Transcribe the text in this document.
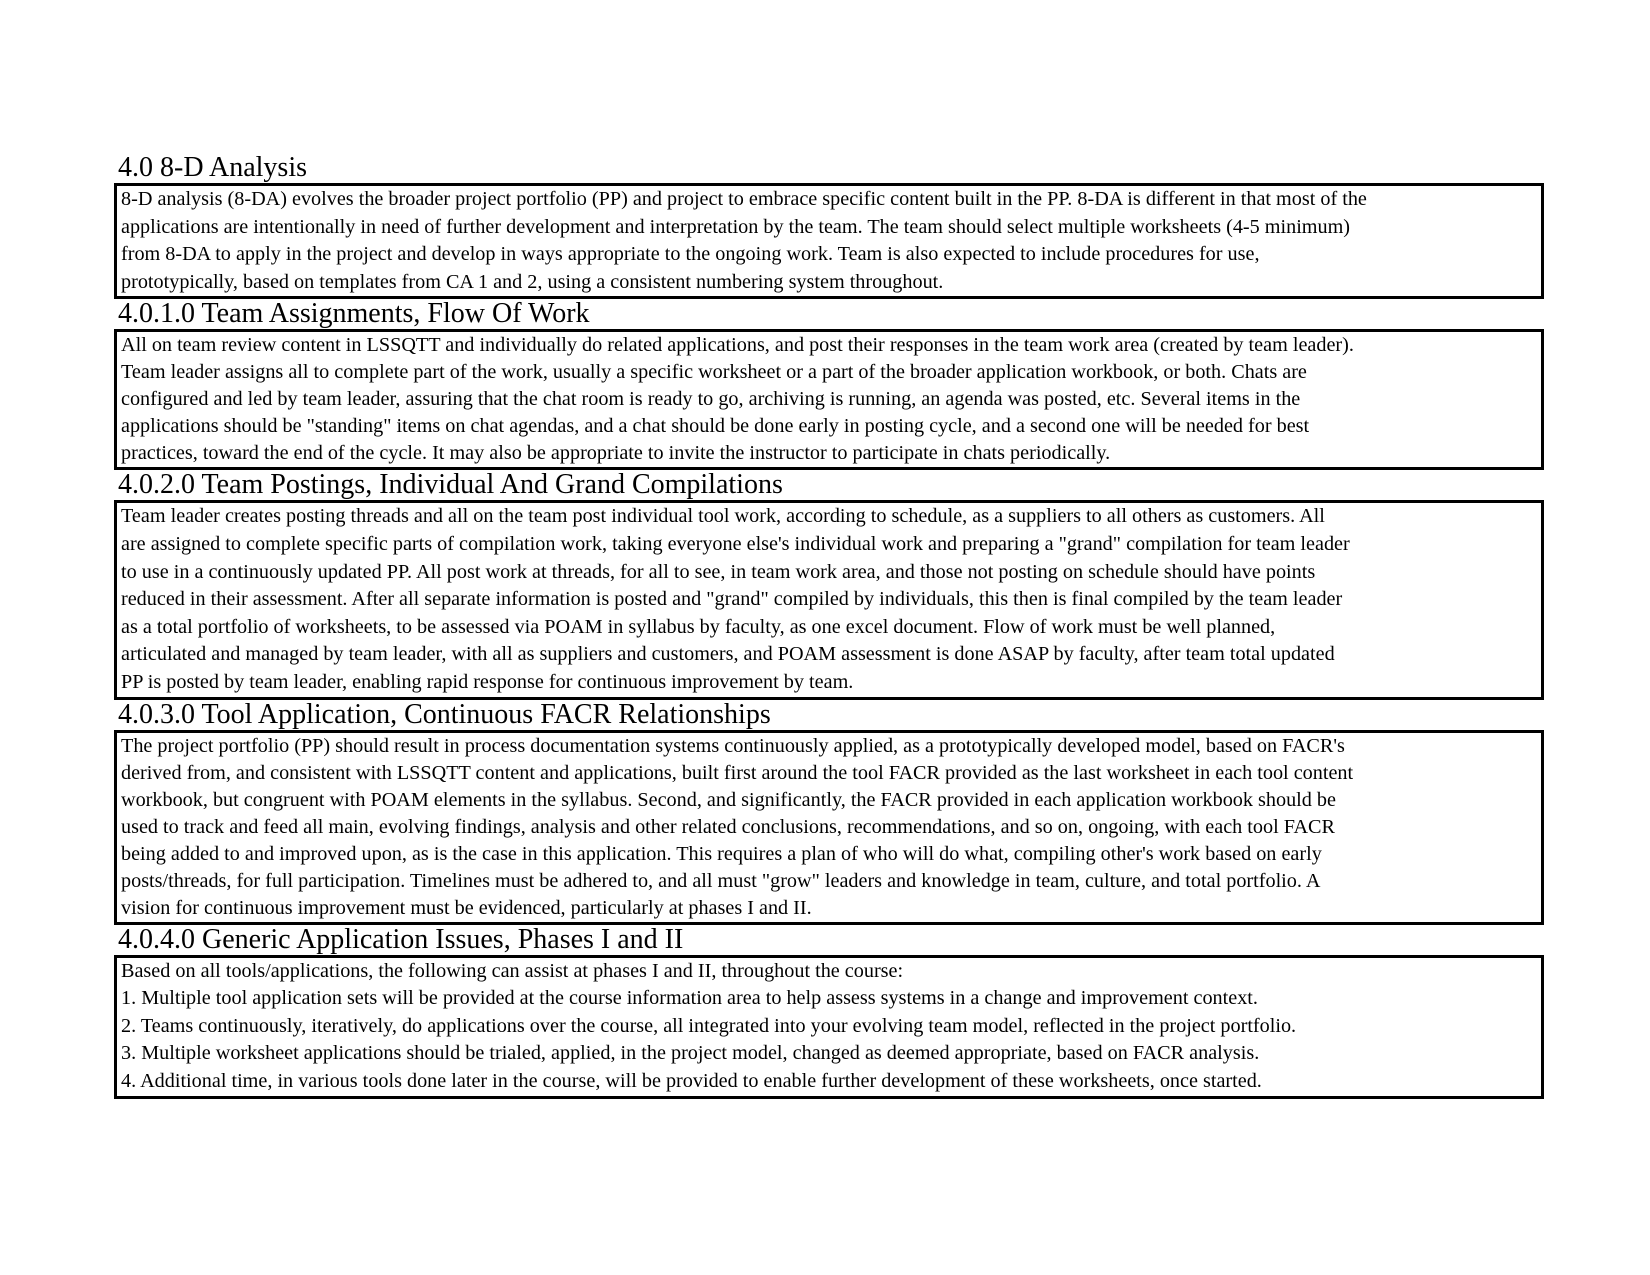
4.0 8-D Analysis

8-D analysis (8-DA) evolves the broader project portfolio (PP) and project to embrace specific content built in the PP. 8-DA is different in that most of the
applications are intentionally in need of further development and interpretation by the team. The team should select multiple worksheets (4-5 minimum)
from 8-DA to apply in the project and develop in ways appropriate to the ongoing work. Team is also expected to include procedures for use,
prototypically, based on templates from CA 1 and 2, using a consistent numbering system throughout.

4.0.1.0 Team Assignments, Flow Of Work

All on team review content in LSSQTT and individually do related applications, and post their responses in the team work area (created by team leader).
Team leader assigns all to complete part of the work, usually a specific worksheet or a part of the broader application workbook, or both. Chats are
configured and led by team leader, assuring that the chat room is ready to go, archiving is running, an agenda was posted, etc. Several items in the
applications should be "standing" items on chat agendas, and a chat should be done early in posting cycle, and a second one will be needed for best
practices, toward the end of the cycle. It may also be appropriate to invite the instructor to participate in chats periodically.

4.0.2.0 Team Postings, Individual And Grand Compilations

Team leader creates posting threads and all on the team post individual tool work, according to schedule, as a suppliers to all others as customers. All
are assigned to complete specific parts of compilation work, taking everyone else's individual work and preparing a "grand" compilation for team leader
to use in a continuously updated PP. All post work at threads, for all to see, in team work area, and those not posting on schedule should have points
reduced in their assessment. After all separate information is posted and "grand" compiled by individuals, this then is final compiled by the team leader
as a total portfolio of worksheets, to be assessed via POAM in syllabus by faculty, as one excel document. Flow of work must be well planned,
articulated and managed by team leader, with all as suppliers and customers, and POAM assessment is done ASAP by faculty, after team total updated
PP is posted by team leader, enabling rapid response for continuous improvement by team.

4.0.3.0 Tool Application, Continuous FACR Relationships

The project portfolio (PP) should result in process documentation systems continuously applied, as a prototypically developed model, based on FACR's
derived from, and consistent with LSSQTT content and applications, built first around the tool FACR provided as the last worksheet in each tool content
workbook, but congruent with POAM elements in the syllabus. Second, and significantly, the FACR provided in each application workbook should be
used to track and feed all main, evolving findings, analysis and other related conclusions, recommendations, and so on, ongoing, with each tool FACR
being added to and improved upon, as is the case in this application. This requires a plan of who will do what, compiling other's work based on early
posts/threads, for full participation. Timelines must be adhered to, and all must "grow" leaders and knowledge in team, culture, and total portfolio. A
vision for continuous improvement must be evidenced, particularly at phases I and II.

4.0.4.0 Generic Application Issues, Phases I and II

Based on all tools/applications, the following can assist at phases I and II, throughout the course:
1. Multiple tool application sets will be provided at the course information area to help assess systems in a change and improvement context.
2. Teams continuously, iteratively, do applications over the course, all integrated into your evolving team model, reflected in the project portfolio.
3. Multiple worksheet applications should be trialed, applied, in the project model, changed as deemed appropriate, based on FACR analysis.
4. Additional time, in various tools done later in the course, will be provided to enable further development of these worksheets, once started.
